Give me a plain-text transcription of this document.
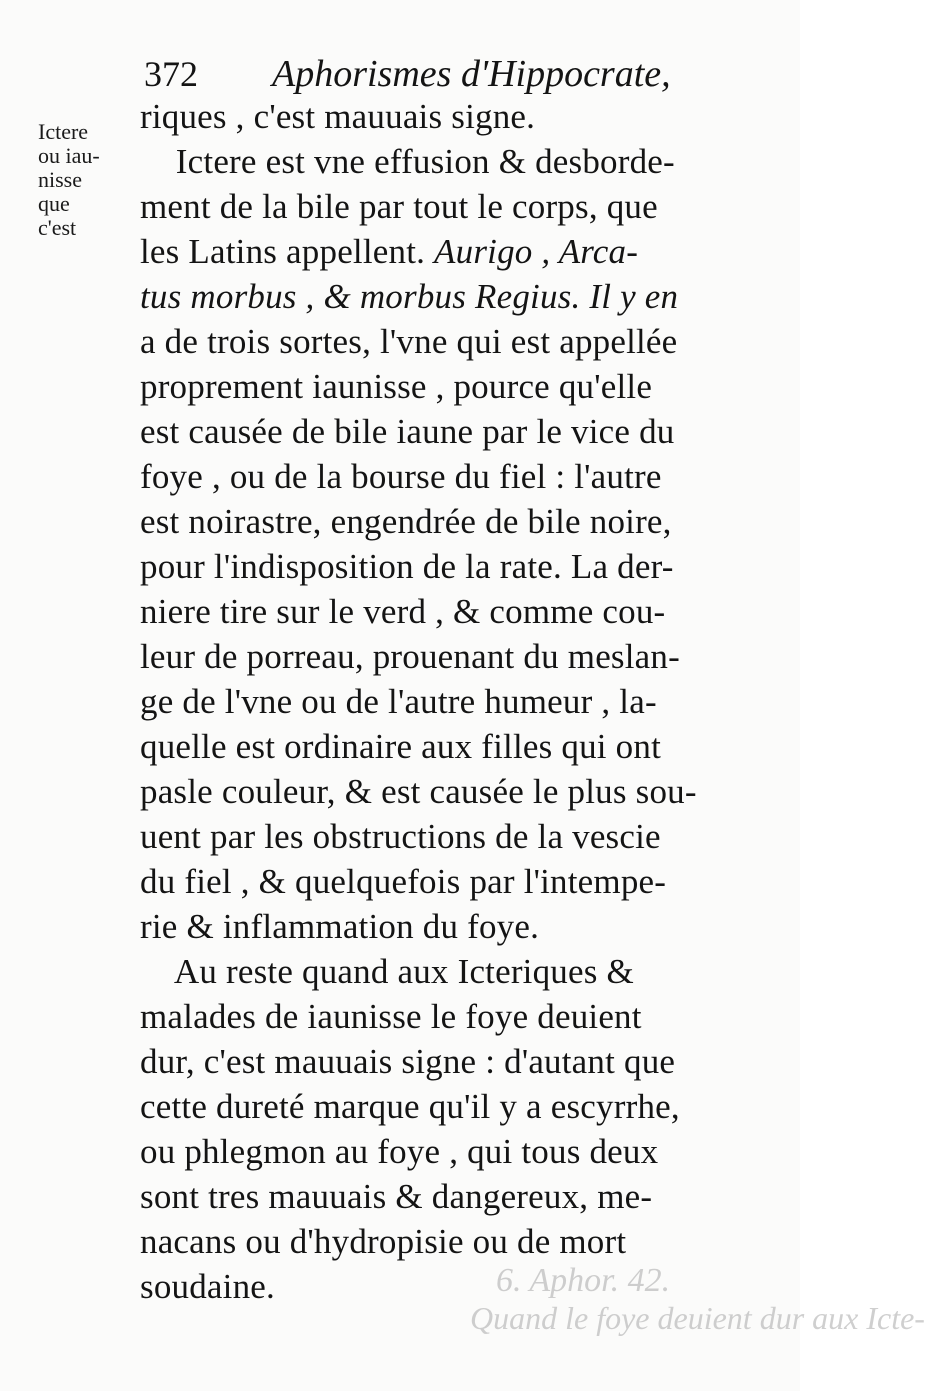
372 Aphorismes d'Hippocrate,
Ictere
ou iau-
nisse
que
c'est
riques , c'est mauuais signe.
Ictere est vne effusion & desborde-
ment de la bile par tout le corps, que
les Latins appellent. Aurigo , Arca-
tus morbus , & morbus Regius. Il y en
a de trois sortes, l'vne qui est appellée
proprement iaunisse , pource qu'elle
est causée de bile iaune par le vice du
foye , ou de la bourse du fiel : l'autre
est noirastre, engendrée de bile noire,
pour l'indisposition de la rate. La der-
niere tire sur le verd , & comme cou-
leur de porreau, prouenant du meslan-
ge de l'vne ou de l'autre humeur , la-
quelle est ordinaire aux filles qui ont
pasle couleur, & est causée le plus sou-
uent par les obstructions de la vescie
du fiel , & quelquefois par l'intempe-
rie & inflammation du foye.
Au reste quand aux Icteriques &
malades de iaunisse le foye deuient
dur, c'est mauuais signe : d'autant que
cette dureté marque qu'il y a escyrrhe,
ou phlegmon au foye , qui tous deux
sont tres mauuais & dangereux, me-
nacans ou d'hydropisie ou de mort
soudaine.	6. Aphor. 42.
Quand le foye deuient dur aux Icte-
